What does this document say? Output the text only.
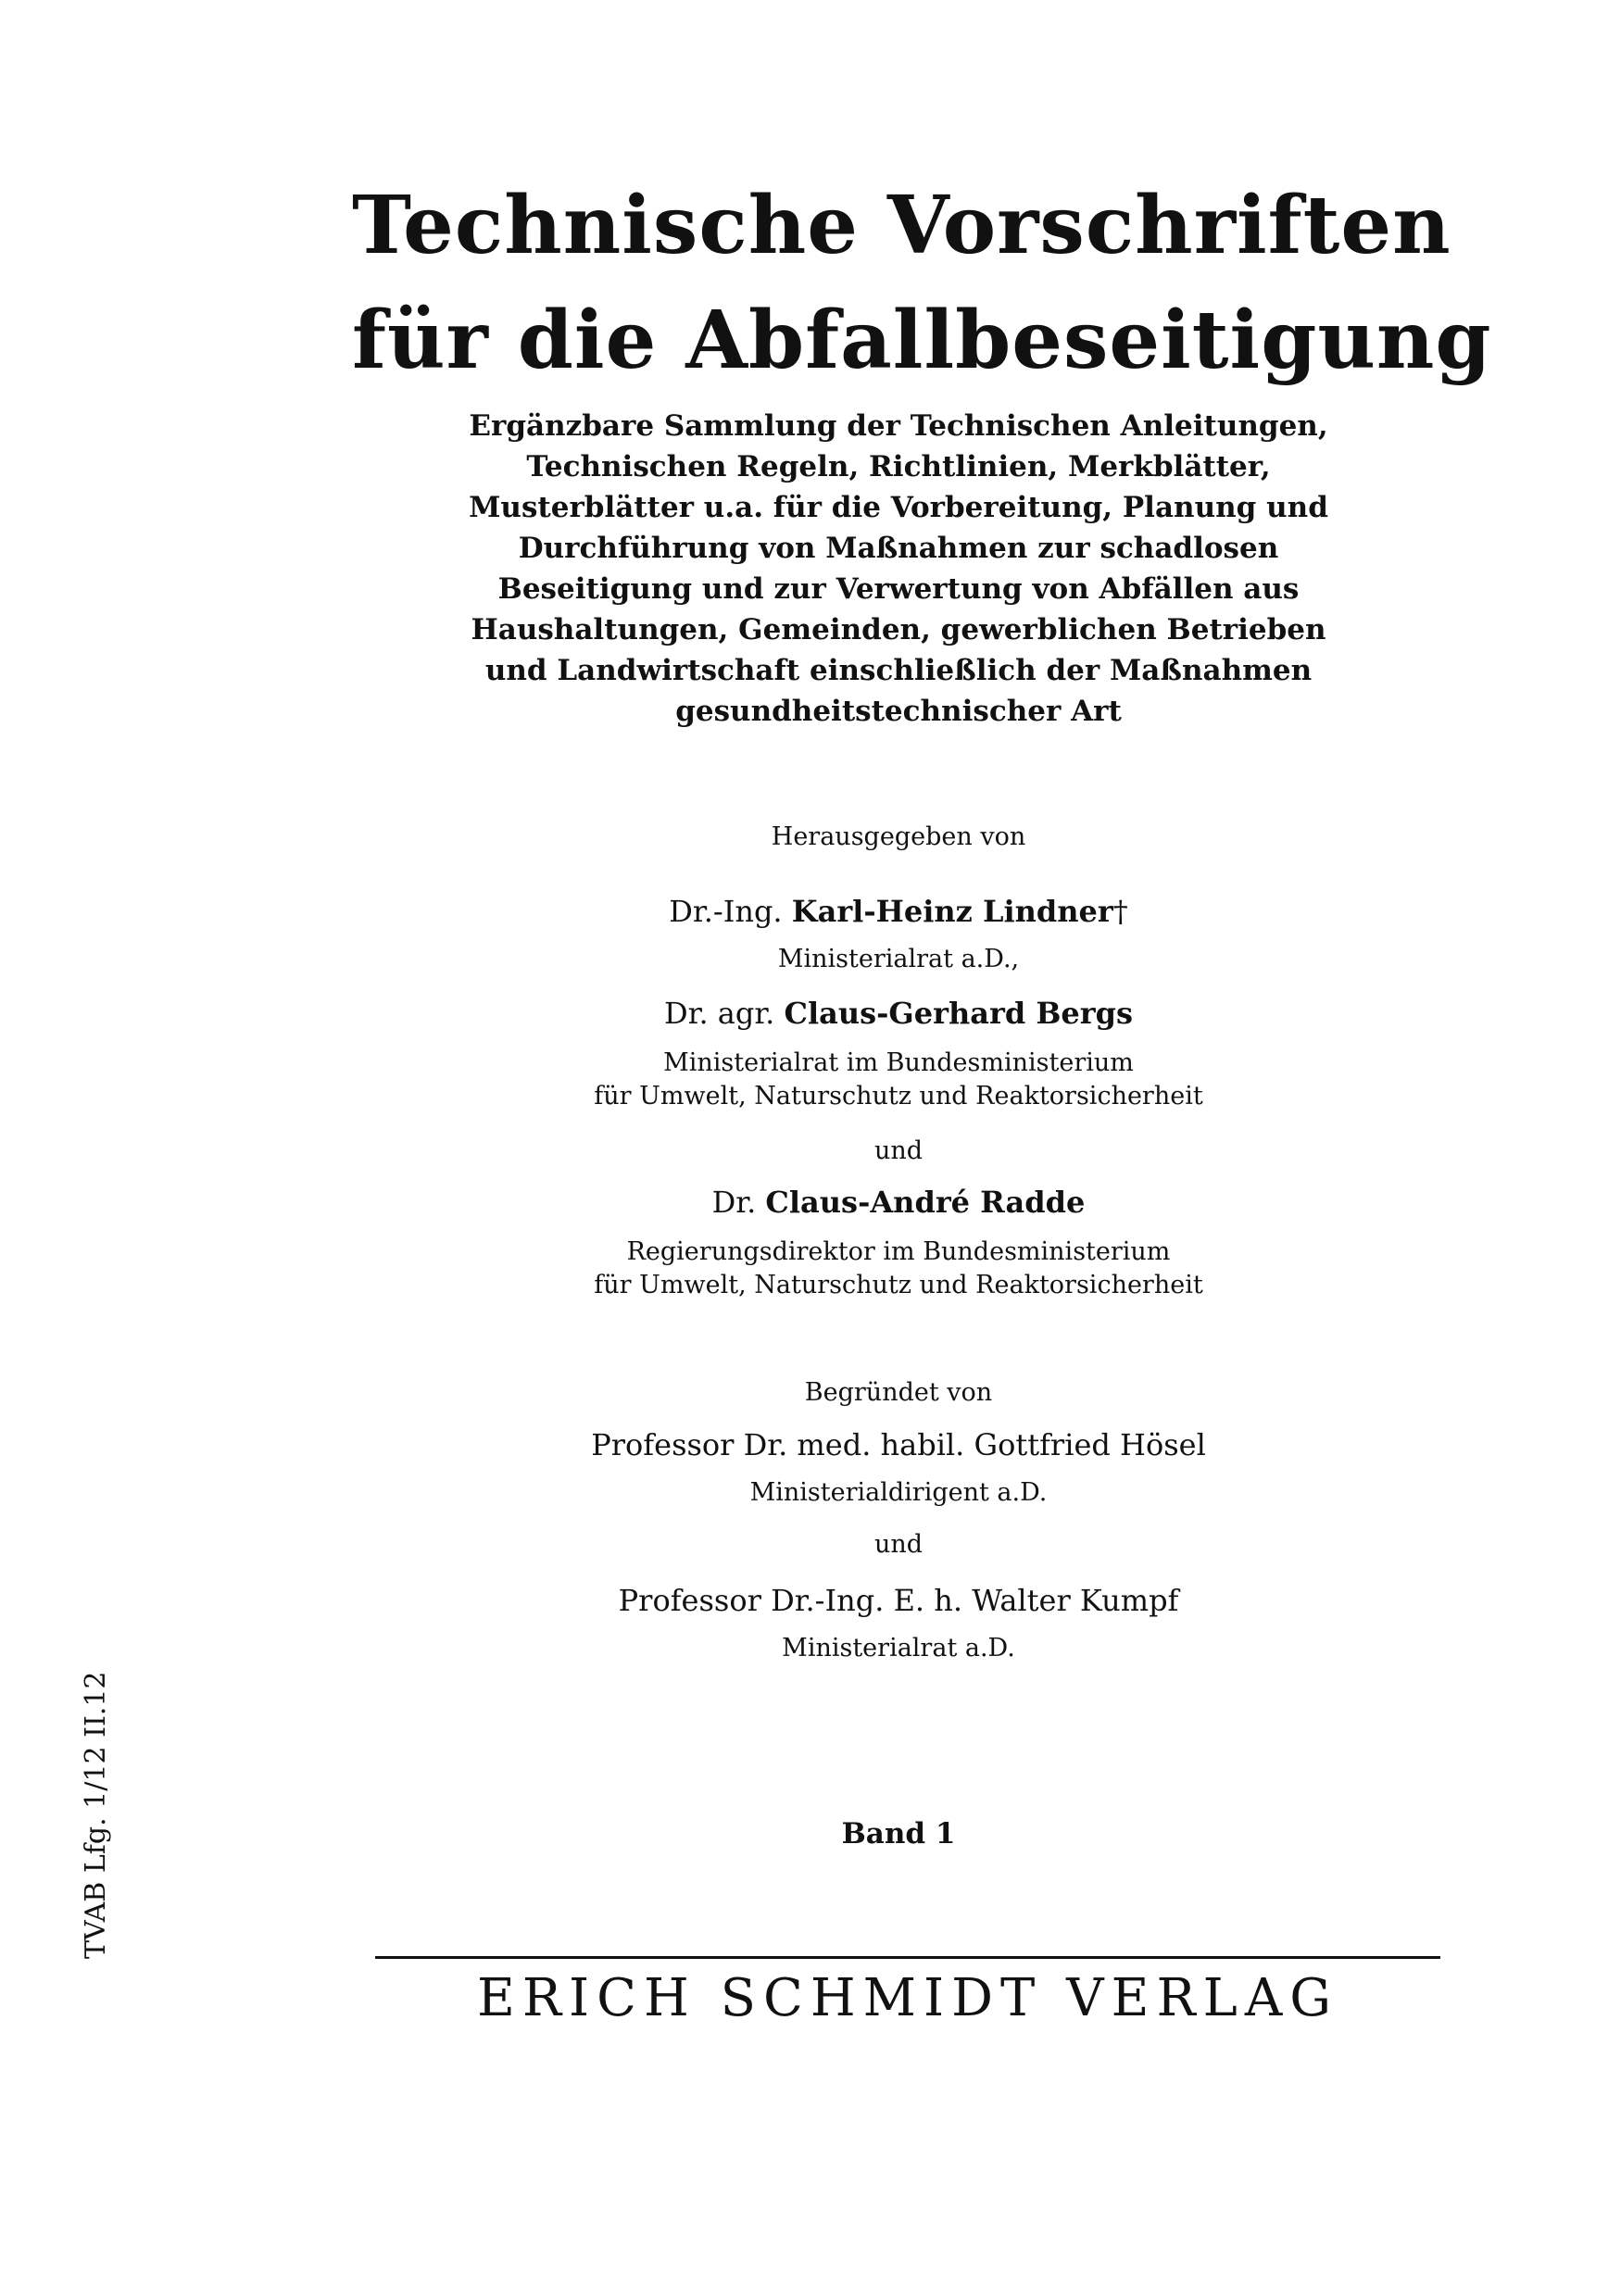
Technische Vorschriften
für die Abfallbeseitigung
Ergänzbare Sammlung der Technischen Anleitungen,
Technischen Regeln, Richtlinien, Merkblätter,
Musterblätter u.a. für die Vorbereitung, Planung und
Durchführung von Maßnahmen zur schadlosen
Beseitigung und zur Verwertung von Abfällen aus
Haushaltungen, Gemeinden, gewerblichen Betrieben
und Landwirtschaft einschließlich der Maßnahmen
gesundheitstechnischer Art
Herausgegeben von
Dr.-Ing. Karl-Heinz Lindner†
Ministerialrat a.D.,
Dr. agr. Claus-Gerhard Bergs
Ministerialrat im Bundesministerium
für Umwelt, Naturschutz und Reaktorsicherheit
und
Dr. Claus-André Radde
Regierungsdirektor im Bundesministerium
für Umwelt, Naturschutz und Reaktorsicherheit
Begründet von
Professor Dr. med. habil. Gottfried Hösel
Ministerialdirigent a.D.
und
Professor Dr.-Ing. E. h. Walter Kumpf
Ministerialrat a.D.
Band 1
ERICH SCHMIDT VERLAG
TVAB Lfg. 1/12 II.12
